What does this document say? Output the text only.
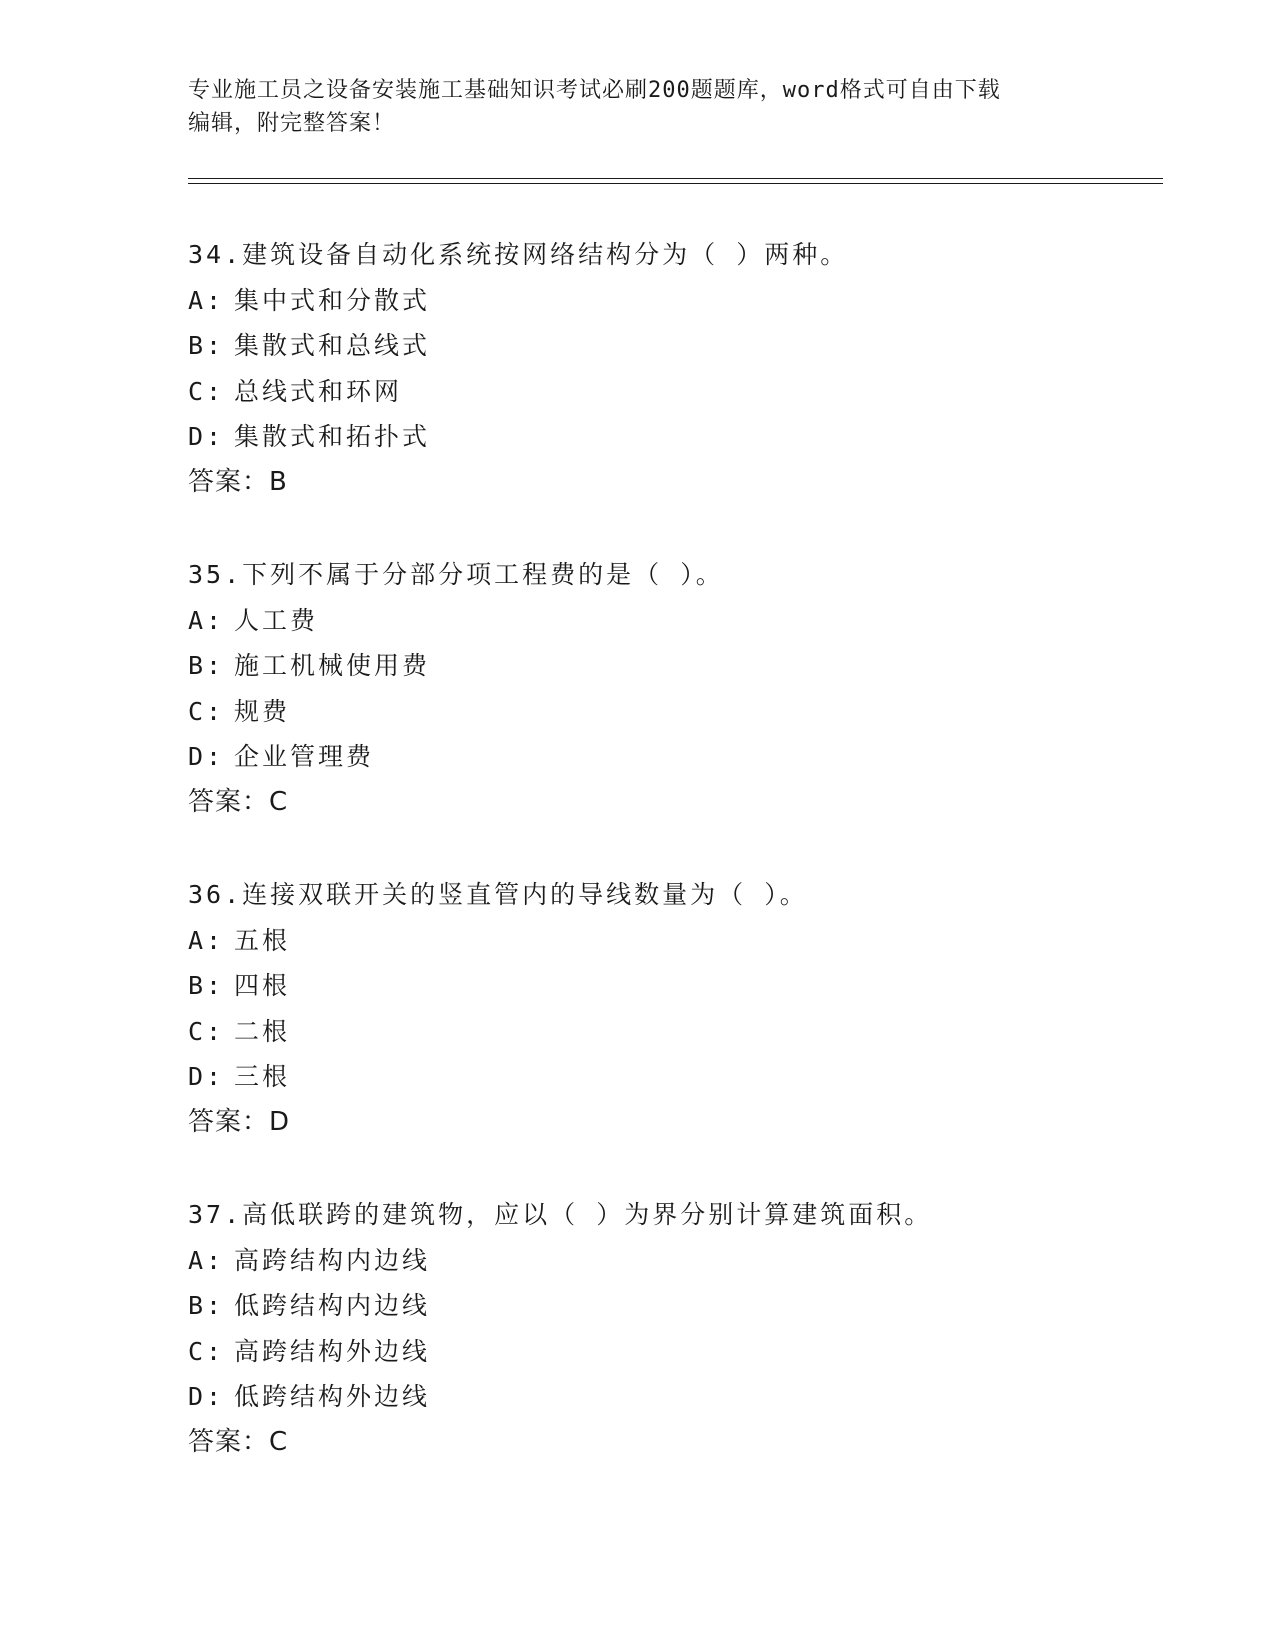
专业施工员之设备安装施工基础知识考试必刷200题题库，word格式可自由下载
编辑，附完整答案！
34.建筑设备自动化系统按网络结构分为（ ）两种。
A: 集中式和分散式
B: 集散式和总线式
C: 总线式和环网
D: 集散式和拓扑式
答案：B
35.下列不属于分部分项工程费的是（ ）。
A: 人工费
B: 施工机械使用费
C: 规费
D: 企业管理费
答案：C
36.连接双联开关的竖直管内的导线数量为（ ）。
A: 五根
B: 四根
C: 二根
D: 三根
答案：D
37.高低联跨的建筑物，应以（ ）为界分别计算建筑面积。
A: 高跨结构内边线
B: 低跨结构内边线
C: 高跨结构外边线
D: 低跨结构外边线
答案：C
